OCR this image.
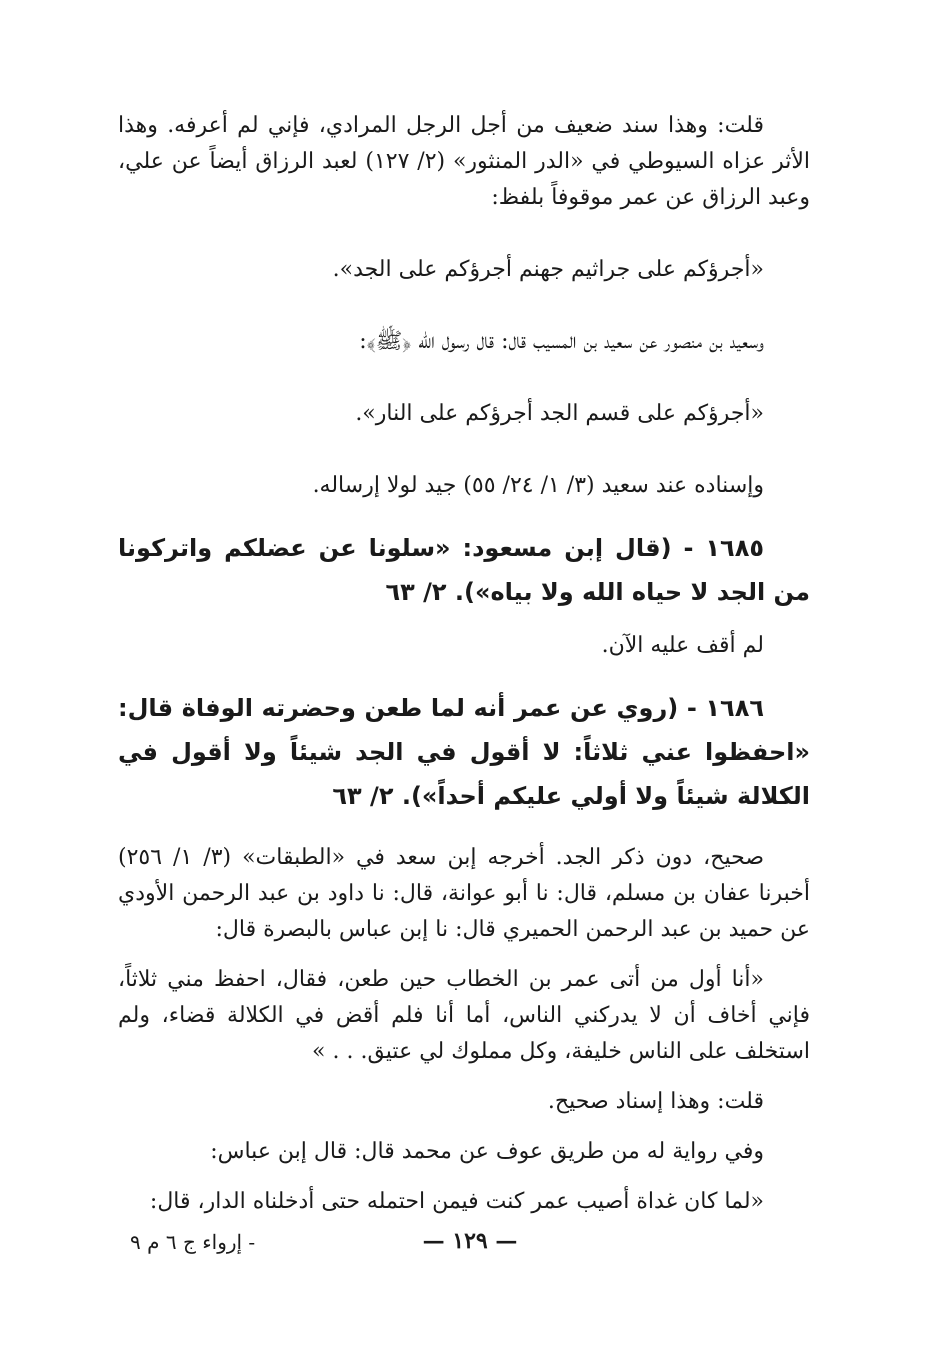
قلت: وهذا سند ضعيف من أجل الرجل المرادي، فإني لم أعرفه. وهذا الأثر عزاه السيوطي في «الدر المنثور» (٢/ ١٢٧) لعبد الرزاق أيضاً عن علي، وعبد الرزاق عن عمر موقوفاً بلفظ:

«أجرؤكم على جراثيم جهنم أجرؤكم على الجد».

وسعيد بن منصور عن سعيد بن المسيب قال: قال رسول الله ﴿ﷺ﴾:

«أجرؤكم على قسم الجد أجرؤكم على النار».

وإسناده عند سعيد (٣/ ١/ ٢٤/ ٥٥) جيد لولا إرساله.

١٦٨٥ - (قال إبن مسعود: «سلونا عن عضلكم واتركونا من الجد لا حياه الله ولا بياه»). ٢/ ٦٣

لم أقف عليه الآن.

١٦٨٦ - (روي عن عمر أنه لما طعن وحضرته الوفاة قال: «احفظوا عني ثلاثاً: لا أقول في الجد شيئاً ولا أقول في الكلالة شيئاً ولا أولي عليكم أحداً»). ٢/ ٦٣

صحيح، دون ذكر الجد. أخرجه إبن سعد في «الطبقات» (٣/ ١/ ٢٥٦) أخبرنا عفان بن مسلم، قال: نا أبو عوانة، قال: نا داود بن عبد الرحمن الأودي عن حميد بن عبد الرحمن الحميري قال: نا إبن عباس بالبصرة قال:

«أنا أول من أتى عمر بن الخطاب حين طعن، فقال، احفظ مني ثلاثاً، فإني أخاف أن لا يدركني الناس، أما أنا فلم أقض في الكلالة قضاء، ولم استخلف على الناس خليفة، وكل مملوك لي عتيق. . . »

قلت: وهذا إسناد صحيح.

وفي رواية له من طريق عوف عن محمد قال: قال إبن عباس:

«لما كان غداة أصيب عمر كنت فيمن احتمله حتى أدخلناه الدار، قال:

— ١٢٩ —
- إرواء ج ٦ م ٩
